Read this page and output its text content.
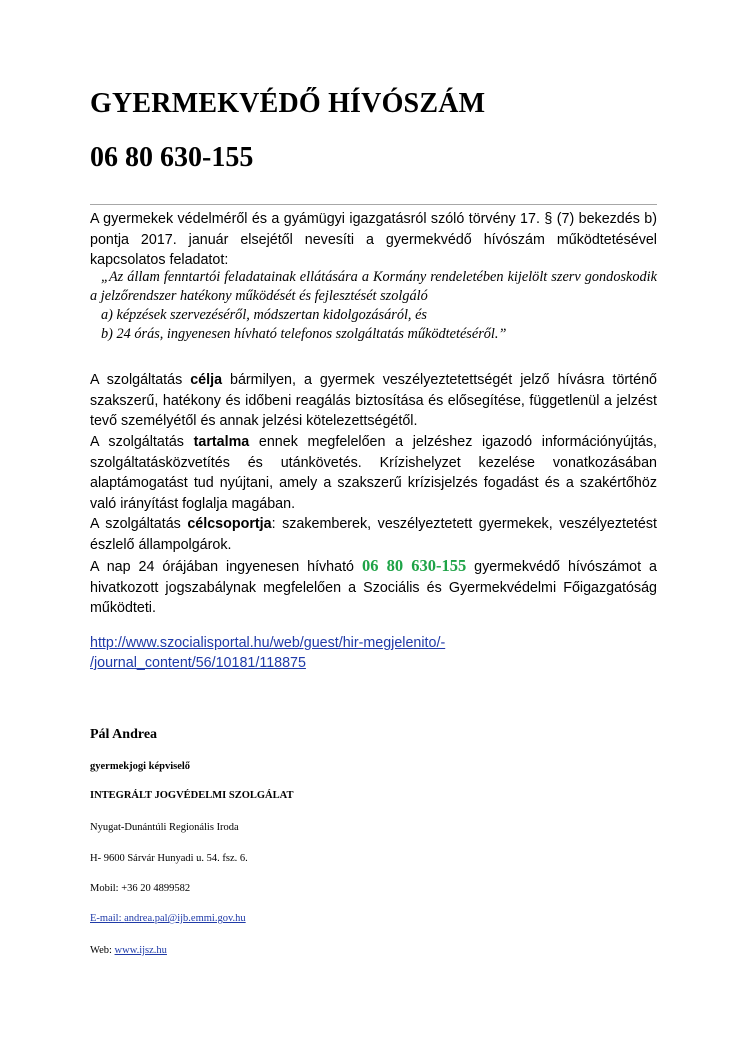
GYERMEKVÉDŐ HÍVÓSZÁM
06 80 630-155

A gyermekek védelméről és a gyámügyi igazgatásról szóló törvény 17. § (7) bekezdés b) pontja 2017. január elsejétől nevesíti a gyermekvédő hívószám működtetésével kapcsolatos feladatot:

„Az állam fenntartói feladatainak ellátására a Kormány rendeletében kijelölt szerv gondoskodik a jelzőrendszer hatékony működését és fejlesztését szolgáló

a) képzések szervezéséről, módszertan kidolgozásáról, és

b) 24 órás, ingyenesen hívható telefonos szolgáltatás működtetéséről.”

A szolgáltatás célja bármilyen, a gyermek veszélyeztetettségét jelző hívásra történő szakszerű, hatékony és időbeni reagálás biztosítása és elősegítése, függetlenül a jelzést tevő személyétől és annak jelzési kötelezettségétől.

A szolgáltatás tartalma ennek megfelelően a jelzéshez igazodó információnyújtás, szolgáltatásközvetítés és utánkövetés. Krízishelyzet kezelése vonatkozásában alaptámogatást tud nyújtani, amely a szakszerű krízisjelzés fogadást és a szakértőhöz való irányítást foglalja magában.

A szolgáltatás célcsoportja: szakemberek, veszélyeztetett gyermekek, veszélyeztetést észlelő állampolgárok.

A nap 24 órájában ingyenesen hívható 06 80 630-155 gyermekvédő hívószámot a hivatkozott jogszabálynak megfelelően a Szociális és Gyermekvédelmi Főigazgatóság működteti.

http://www.szocialisportal.hu/web/guest/hir-megjelenito/-
/journal_content/56/10181/118875

Pál Andrea

gyermekjogi képviselő

INTEGRÁLT JOGVÉDELMI SZOLGÁLAT

Nyugat-Dunántúli Regionális Iroda

H- 9600 Sárvár Hunyadi u. 54. fsz. 6.

Mobil: +36 20 4899582

E-mail: andrea.pal@ijb.emmi.gov.hu

Web: www.ijsz.hu
